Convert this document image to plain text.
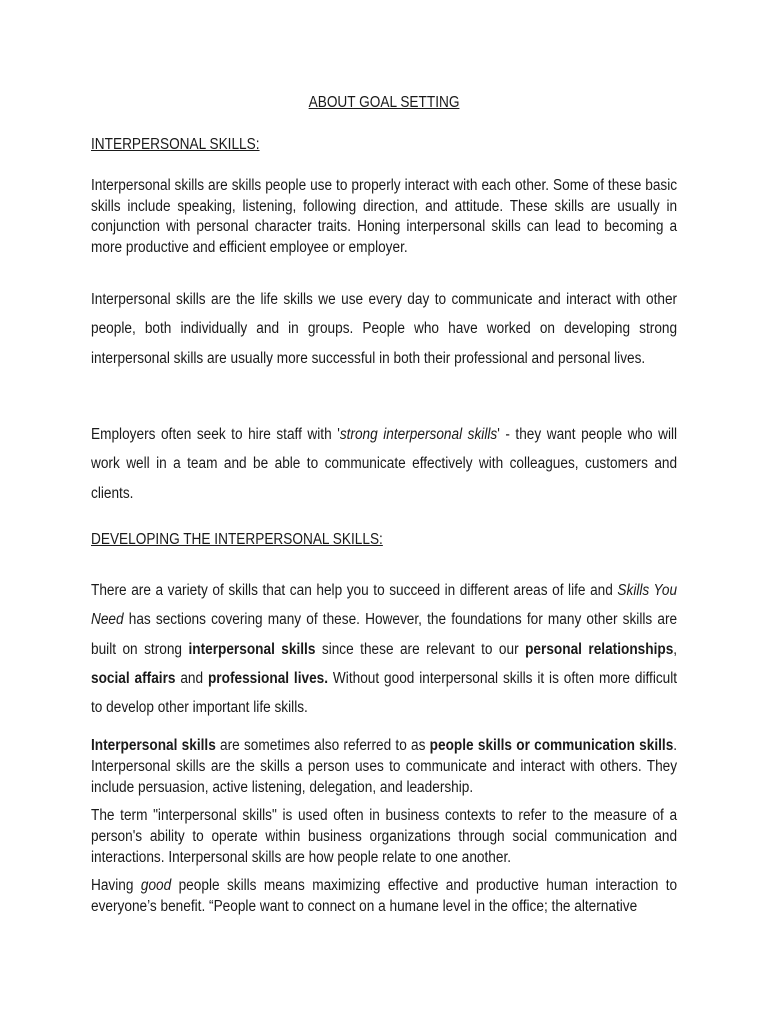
ABOUT GOAL SETTING

INTERPERSONAL SKILLS:

Interpersonal skills are skills people use to properly interact with each other. Some of these basic skills include speaking, listening, following direction, and attitude. These skills are usually in conjunction with personal character traits. Honing interpersonal skills can lead to becoming a more productive and efficient employee or employer.

Interpersonal skills are the life skills we use every day to communicate and interact with other people, both individually and in groups. People who have worked on developing strong interpersonal skills are usually more successful in both their professional and personal lives.

Employers often seek to hire staff with 'strong interpersonal skills' - they want people who will work well in a team and be able to communicate effectively with colleagues, customers and clients.

DEVELOPING THE INTERPERSONAL SKILLS:

There are a variety of skills that can help you to succeed in different areas of life and Skills You Need has sections covering many of these. However, the foundations for many other skills are built on strong interpersonal skills since these are relevant to our personal relationships, social affairs and professional lives. Without good interpersonal skills it is often more difficult to develop other important life skills.

Interpersonal skills are sometimes also referred to as people skills or communication skills. Interpersonal skills are the skills a person uses to communicate and interact with others. They include persuasion, active listening, delegation, and leadership.

The term "interpersonal skills" is used often in business contexts to refer to the measure of a person's ability to operate within business organizations through social communication and interactions. Interpersonal skills are how people relate to one another.

Having good people skills means maximizing effective and productive human interaction to everyone’s benefit. “People want to connect on a humane level in the office; the alternative
